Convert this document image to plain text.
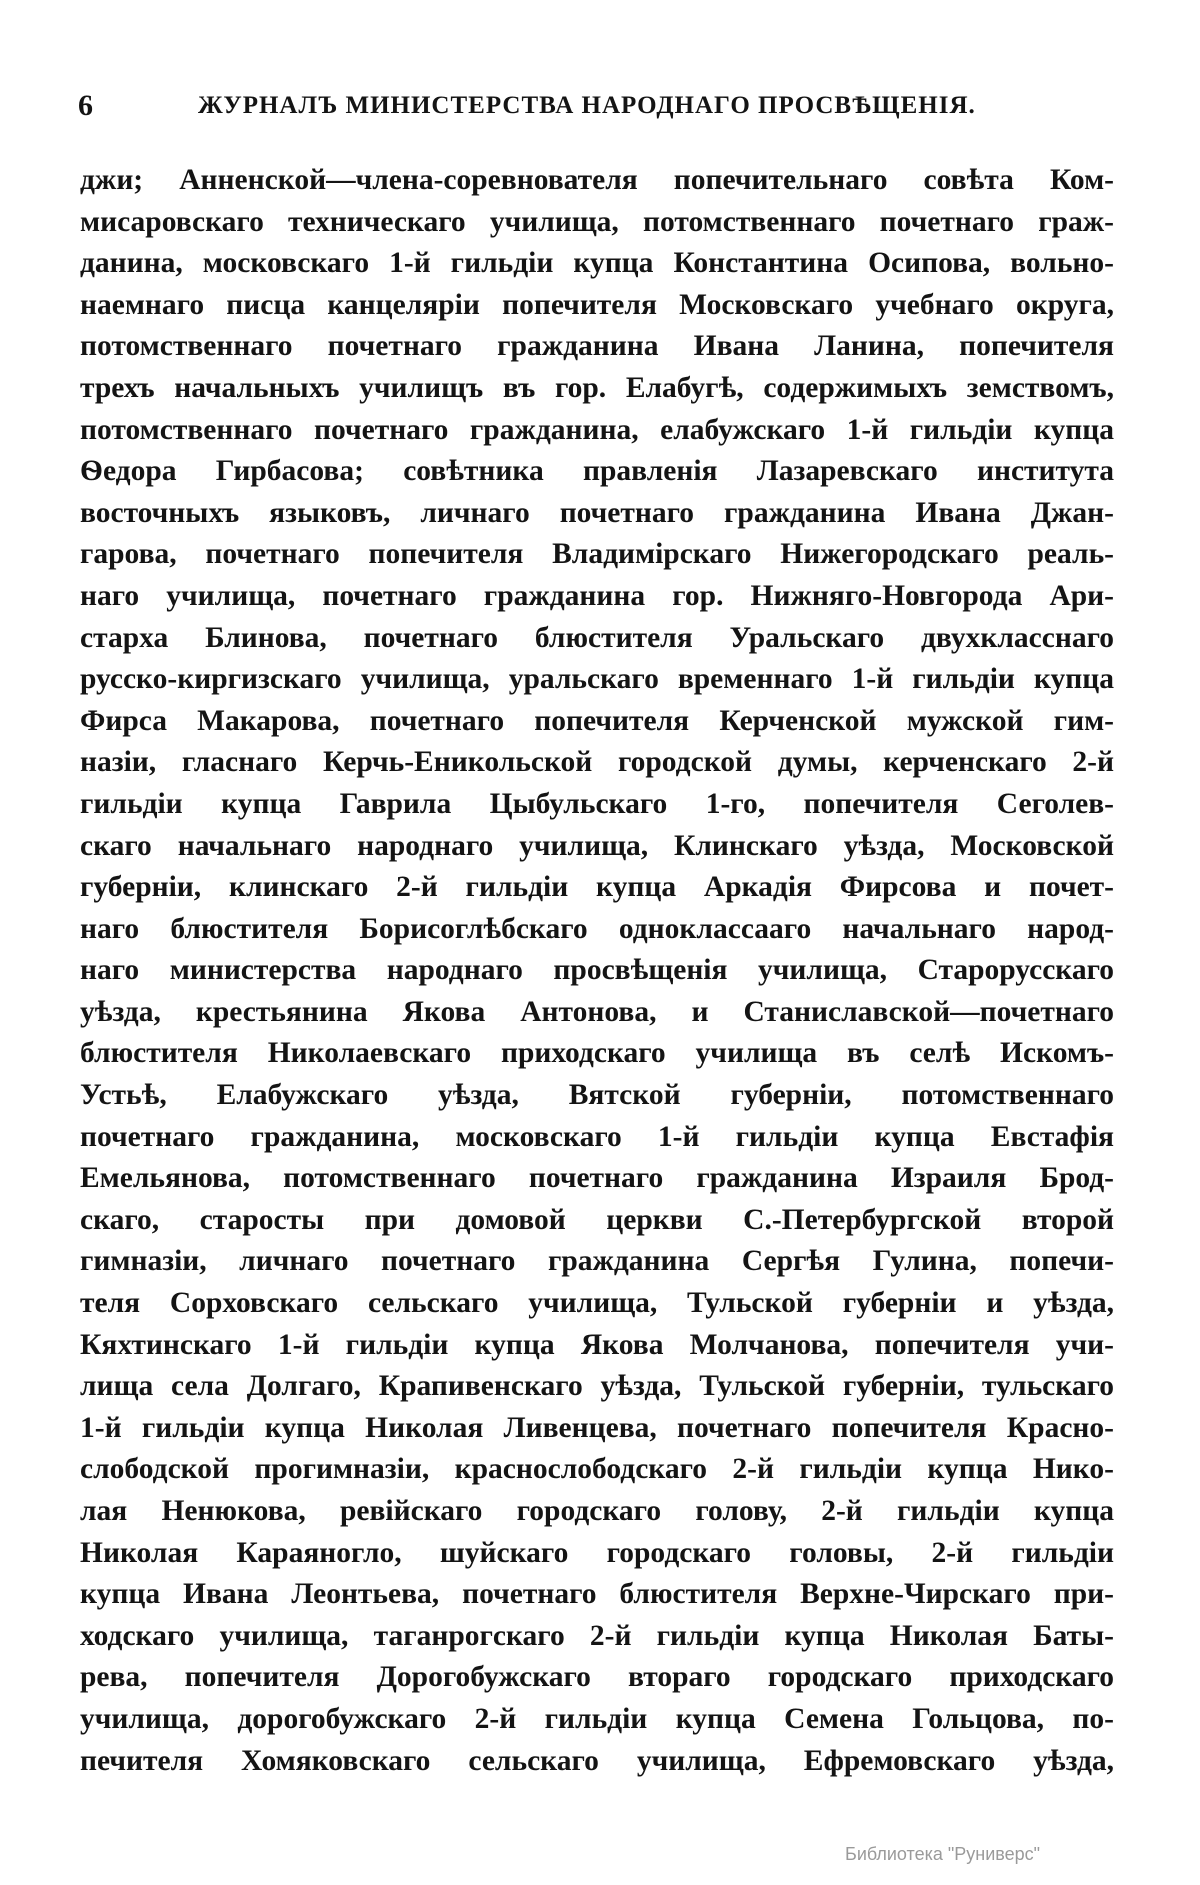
6	ЖУРНАЛЪ МИНИСТЕРСТВА НАРОДНАГО ПРОСВѢЩЕНІЯ.
джи; Анненской—члена-соревнователя попечительнаго совѣта Ком-
мисаровскаго техническаго училища, потомственнаго почетнаго граж-
данина, московскаго 1-й гильдіи купца Константина Осипова, вольно-
наемнаго писца канцеляріи попечителя Московскаго учебнаго округа,
потомственнаго почетнаго гражданина Ивана Ланина, попечителя
трехъ начальныхъ училищъ въ гор. Елабугѣ, содержимыхъ земствомъ,
потомственнаго почетнаго гражданина, елабужскаго 1-й гильдіи купца
Ѳедора Гирбасова; совѣтника правленія Лазаревскаго института
восточныхъ языковъ, личнаго почетнаго гражданина Ивана Джан-
гарова, почетнаго попечителя Владимірскаго Нижегородскаго реаль-
наго училища, почетнаго гражданина гор. Нижняго-Новгорода Ари-
старха Блинова, почетнаго блюстителя Уральскаго двухкласснаго
русско-киргизскаго училища, уральскаго временнаго 1-й гильдіи купца
Фирса Макарова, почетнаго попечителя Керченской мужской гим-
назіи, гласнаго Керчь-Еникольской городской думы, керченскаго 2-й
гильдіи купца Гаврила Цыбульскаго 1-го, попечителя Сеголев-
скаго начальнаго народнаго училища, Клинскаго уѣзда, Московской
губерніи, клинскаго 2-й гильдіи купца Аркадія Фирсова и почет-
наго блюстителя Борисоглѣбскаго одноклассааго начальнаго народ-
наго министерства народнаго просвѣщенія училища, Старорусскаго
уѣзда, крестьянина Якова Антонова, и Станиславской—почетнаго
блюстителя Николаевскаго приходскаго училища въ селѣ Искомъ-
Устьѣ, Елабужскаго уѣзда, Вятской губерніи, потомственнаго
почетнаго гражданина, московскаго 1-й гильдіи купца Евстафія
Емельянова, потомственнаго почетнаго гражданина Израиля Брод-
скаго, старосты при домовой церкви С.-Петербургской второй
гимназіи, личнаго почетнаго гражданина Сергѣя Гулина, попечи-
теля Сорховскаго сельскаго училища, Тульской губерніи и уѣзда,
Кяхтинскаго 1-й гильдіи купца Якова Молчанова, попечителя учи-
лища села Долгаго, Крапивенскаго уѣзда, Тульской губерніи, тульскаго
1-й гильдіи купца Николая Ливенцева, почетнаго попечителя Красно-
слободской прогимназіи, краснослободскаго 2-й гильдіи купца Нико-
лая Ненюкова, ревійскаго городскаго голову, 2-й гильдіи купца
Николая Караяногло, шуйскаго городскаго головы, 2-й гильдіи
купца Ивана Леонтьева, почетнаго блюстителя Верхне-Чирскаго при-
ходскаго училища, таганрогскаго 2-й гильдіи купца Николая Баты-
рева, попечителя Дорогобужскаго втораго городскаго приходскаго
училища, дорогобужскаго 2-й гильдіи купца Семена Гольцова, по-
печителя Хомяковскаго сельскаго училища, Ефремовскаго уѣзда,
Библиотека "Руниверс"
